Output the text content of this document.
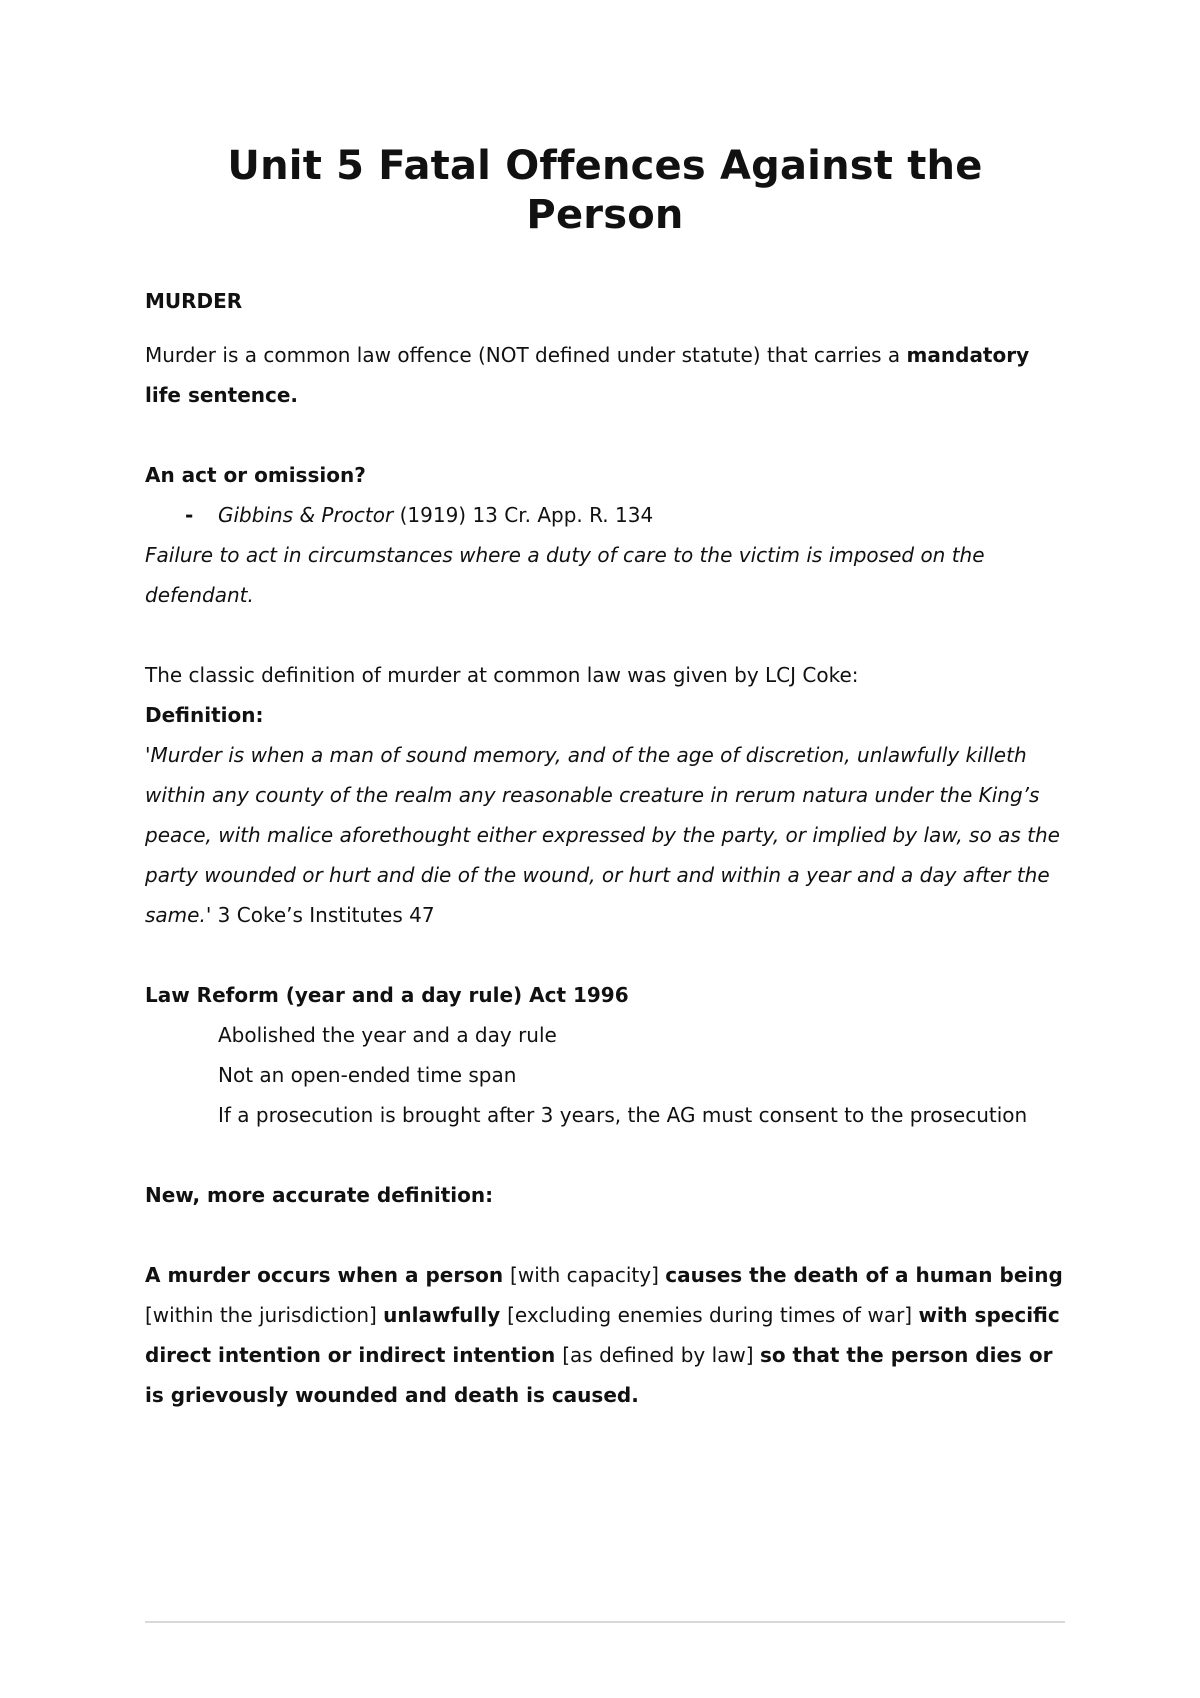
Unit 5 Fatal Offences Against the Person

MURDER

Murder is a common law offence (NOT defined under statute) that carries a mandatory life sentence.

An act or omission?

-	Gibbins & Proctor (1919) 13 Cr. App. R. 134

Failure to act in circumstances where a duty of care to the victim is imposed on the defendant.

The classic definition of murder at common law was given by LCJ Coke:

Definition:

'Murder is when a man of sound memory, and of the age of discretion, unlawfully killeth within any county of the realm any reasonable creature in rerum natura under the King’s peace, with malice aforethought either expressed by the party, or implied by law, so as the party wounded or hurt and die of the wound, or hurt and within a year and a day after the same.' 3 Coke’s Institutes 47

Law Reform (year and a day rule) Act 1996

Abolished the year and a day rule

Not an open-ended time span

If a prosecution is brought after 3 years, the AG must consent to the prosecution

New, more accurate definition:

A murder occurs when a person [with capacity] causes the death of a human being [within the jurisdiction] unlawfully [excluding enemies during times of war] with specific direct intention or indirect intention [as defined by law] so that the person dies or is grievously wounded and death is caused.
